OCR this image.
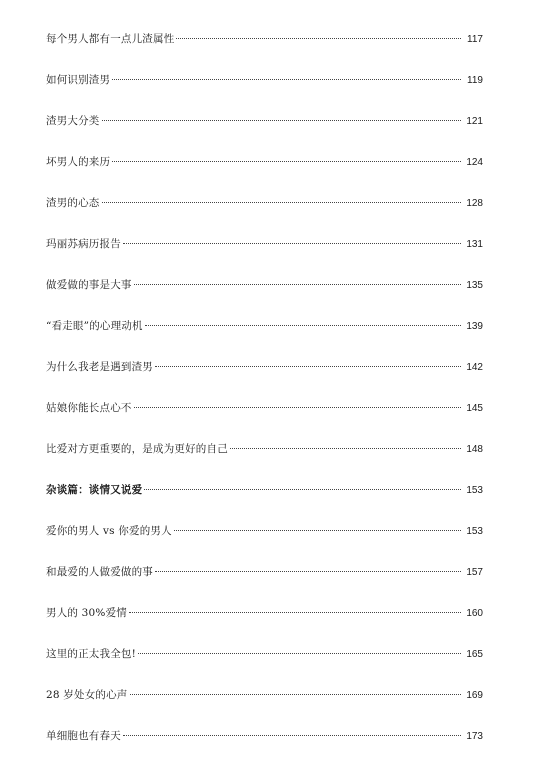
每个男人都有一点儿渣属性	117
如何识别渣男	119
渣男大分类	121
坏男人的来历	124
渣男的心态	128
玛丽苏病历报告	131
做爱做的事是大事	135
“看走眼”的心理动机	139
为什么我老是遇到渣男	142
姑娘你能长点心不	145
比爱对方更重要的，是成为更好的自己	148
杂谈篇：谈情又说爱	153
爱你的男人 vs 你爱的男人	153
和最爱的人做爱做的事	157
男人的 30%爱情	160
这里的正太我全包!	165
28 岁处女的心声	169
单细胞也有春天	173
